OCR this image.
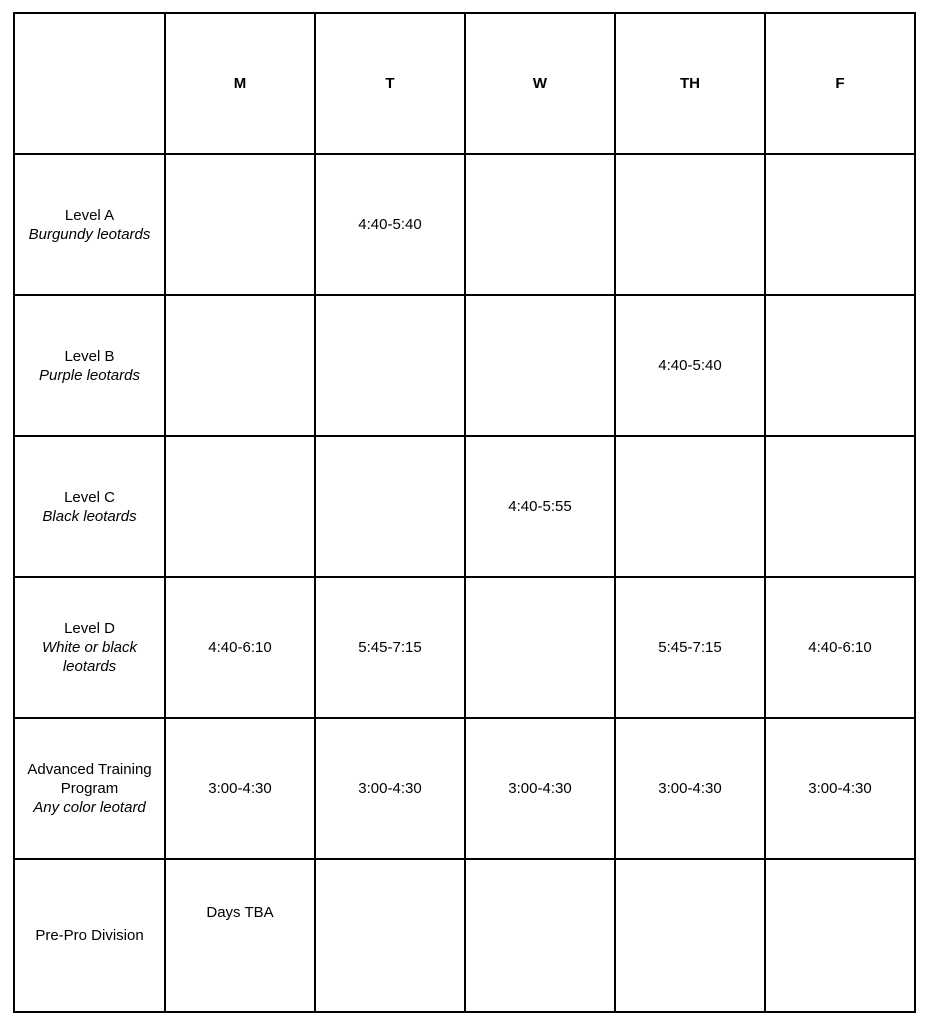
	M	T	W	TH	F

Level A
Burgundy leotards		4:40-5:40			

Level B
Purple leotards				4:40-5:40	

Level C
Black leotards			4:40-5:55		

Level D
White or black leotards	4:40-6:10	5:45-7:15		5:45-7:15	4:40-6:10

Advanced Training Program
Any color leotard	3:00-4:30	3:00-4:30	3:00-4:30	3:00-4:30	3:00-4:30

Pre-Pro Division	Days TBA				
